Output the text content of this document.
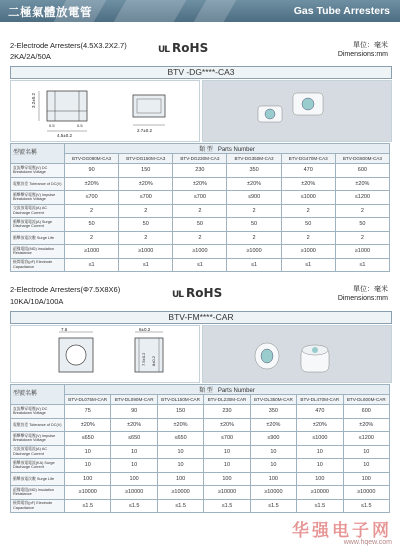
二極氣體放電管	Gas Tube Arresters
2-Electrode Arresters(4.5X3.2X2.7)	UL RoHS
2KA/2A/50A
單位：毫米
Dimensions:mm
BTV -DG****-CA3
3.2±0.2
0.5	0.5
4.5±0.2
2.7±0.2
型號名稱	類 型 Parts Number					
	BTV-DG090M-CA3	BTV-DG150M-CA3	BTV-DG230M-CA3	BTV-DG350M-CA3	BTV-DG470M-CA3	BTV-DG600M-CA3
直流擊穿電壓(V) DC Breakdown Voltage	90	150	230	350	470	600
電壓容差 Tolerance of DC(V)	±20%	±20%	±20%	±20%	±20%	±20%
衝擊擊穿電壓(V) Impulse Breakdown Voltage	≤700	≤700	≤700	≤900	≤1000	≤1200
交流放電電流(A) AC Discharge Current	2	2	2	2	2	2
衝擊放電電流(A) Surge Discharge Current	50	50	50	50	50	50
衝擊放電次數 Surge Life	2	2	2	2	2	2
絕緣電阻(MΩ) Insulation Resistance	≥1000	≥1000	≥1000	≥1000	≥1000	≥1000
極間電容(pF) Electrode Capacitance	≤1	≤1	≤1	≤1	≤1	≤1
2-Electrode Arresters(Φ7.5X8X6)
UL RoHS
10KA/10A/100A
單位：毫米
Dimensions:mm
BTV-FM****-CAR
7.6	6±0.2
7.5±0.2 8±0.2
型號名稱	類 型 Parts Number						
	BTV-DL075M-CAR	BTV-DL090M-CAR	BTV-DL150M-CAR	BTV-DL230M-CAR	BTV-DL350M-CAR	BTV-DL470M-CAR	BTV-DL600M-CAR
直流擊穿電壓(V) DC Breakdown Voltage	75	90	150	230	350	470	600
電壓容差 Tolerance of DC(V)	±20%	±20%	±20%	±20%	±20%	±20%	±20%
衝擊擊穿電壓(V) Impulse Breakdown Voltage	≤650	≤650	≤650	≤700	≤900	≤1000	≤1200
交流放電電流(A) AC Discharge Current	10	10	10	10	10	10	10
衝擊放電電流(KA) Surge Discharge Current	10	10	10	10	10	10	10
衝擊放電次數 Surge Life	100	100	100	100	100	100	100
絕緣電阻(MΩ) Insulation Resistance	≥10000	≥10000	≥10000	≥10000	≥10000	≥10000	≥10000
極間電容(pF) Electrode Capacitance	≤1.5	≤1.5	≤1.5	≤1.5	≤1.5	≤1.5	≤1.5
华强电子网
www.hqew.com
